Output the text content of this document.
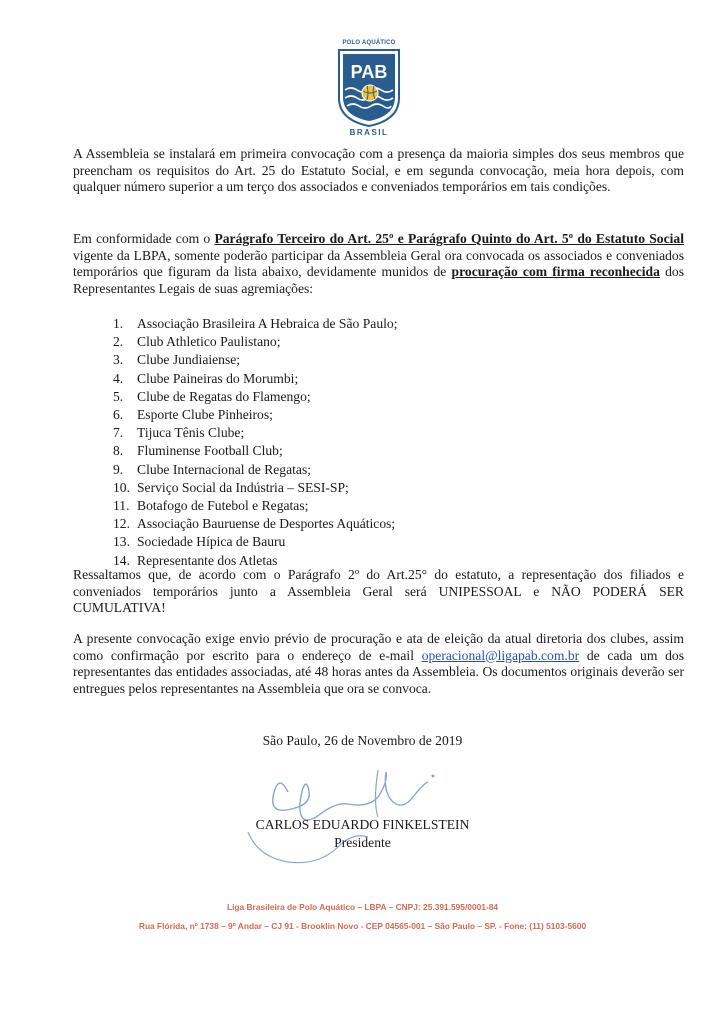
POLO AQUÁTICO
PAB
BRASIL

A Assembleia se instalará em primeira convocação com a presença da maioria simples dos seus membros que preencham os requisitos do Art. 25 do Estatuto Social, e em segunda convocação, meia hora depois, com qualquer número superior a um terço dos associados e conveniados temporários em tais condições.

Em conformidade com o Parágrafo Terceiro do Art. 25º e Parágrafo Quinto do Art. 5º do Estatuto Social vigente da LBPA, somente poderão participar da Assembleia Geral ora convocada os associados e conveniados temporários que figuram da lista abaixo, devidamente munidos de procuração com firma reconhecida dos Representantes Legais de suas agremiações:

1. Associação Brasileira A Hebraica de São Paulo;
2. Club Athletico Paulistano;
3. Clube Jundiaiense;
4. Clube Paineiras do Morumbi;
5. Clube de Regatas do Flamengo;
6. Esporte Clube Pinheiros;
7. Tijuca Tênis Clube;
8. Fluminense Football Club;
9. Clube Internacional de Regatas;
10. Serviço Social da Indústria – SESI-SP;
11. Botafogo de Futebol e Regatas;
12. Associação Bauruense de Desportes Aquáticos;
13. Sociedade Hípica de Bauru
14. Representante dos Atletas

Ressaltamos que, de acordo com o Parágrafo 2º do Art.25° do estatuto, a representação dos filiados e conveniados temporários junto a Assembleia Geral será UNIPESSOAL e NÃO PODERÁ SER CUMULATIVA!

A presente convocação exige envio prévio de procuração e ata de eleição da atual diretoria dos clubes, assim como confirmação por escrito para o endereço de e-mail operacional@ligapab.com.br de cada um dos representantes das entidades associadas, até 48 horas antes da Assembleia. Os documentos originais deverão ser entregues pelos representantes na Assembleia que ora se convoca.

São Paulo, 26 de Novembro de 2019
CARLOS EDUARDO FINKELSTEIN
Presidente
Liga Brasileira de Polo Aquático – LBPA – CNPJ: 25.391.595/0001-84
Rua Flórida, nº 1738 – 9º Andar – CJ 91 - Brooklin Novo - CEP 04565-001 – São Paulo – SP. - Fone: (11) 5103-5600
